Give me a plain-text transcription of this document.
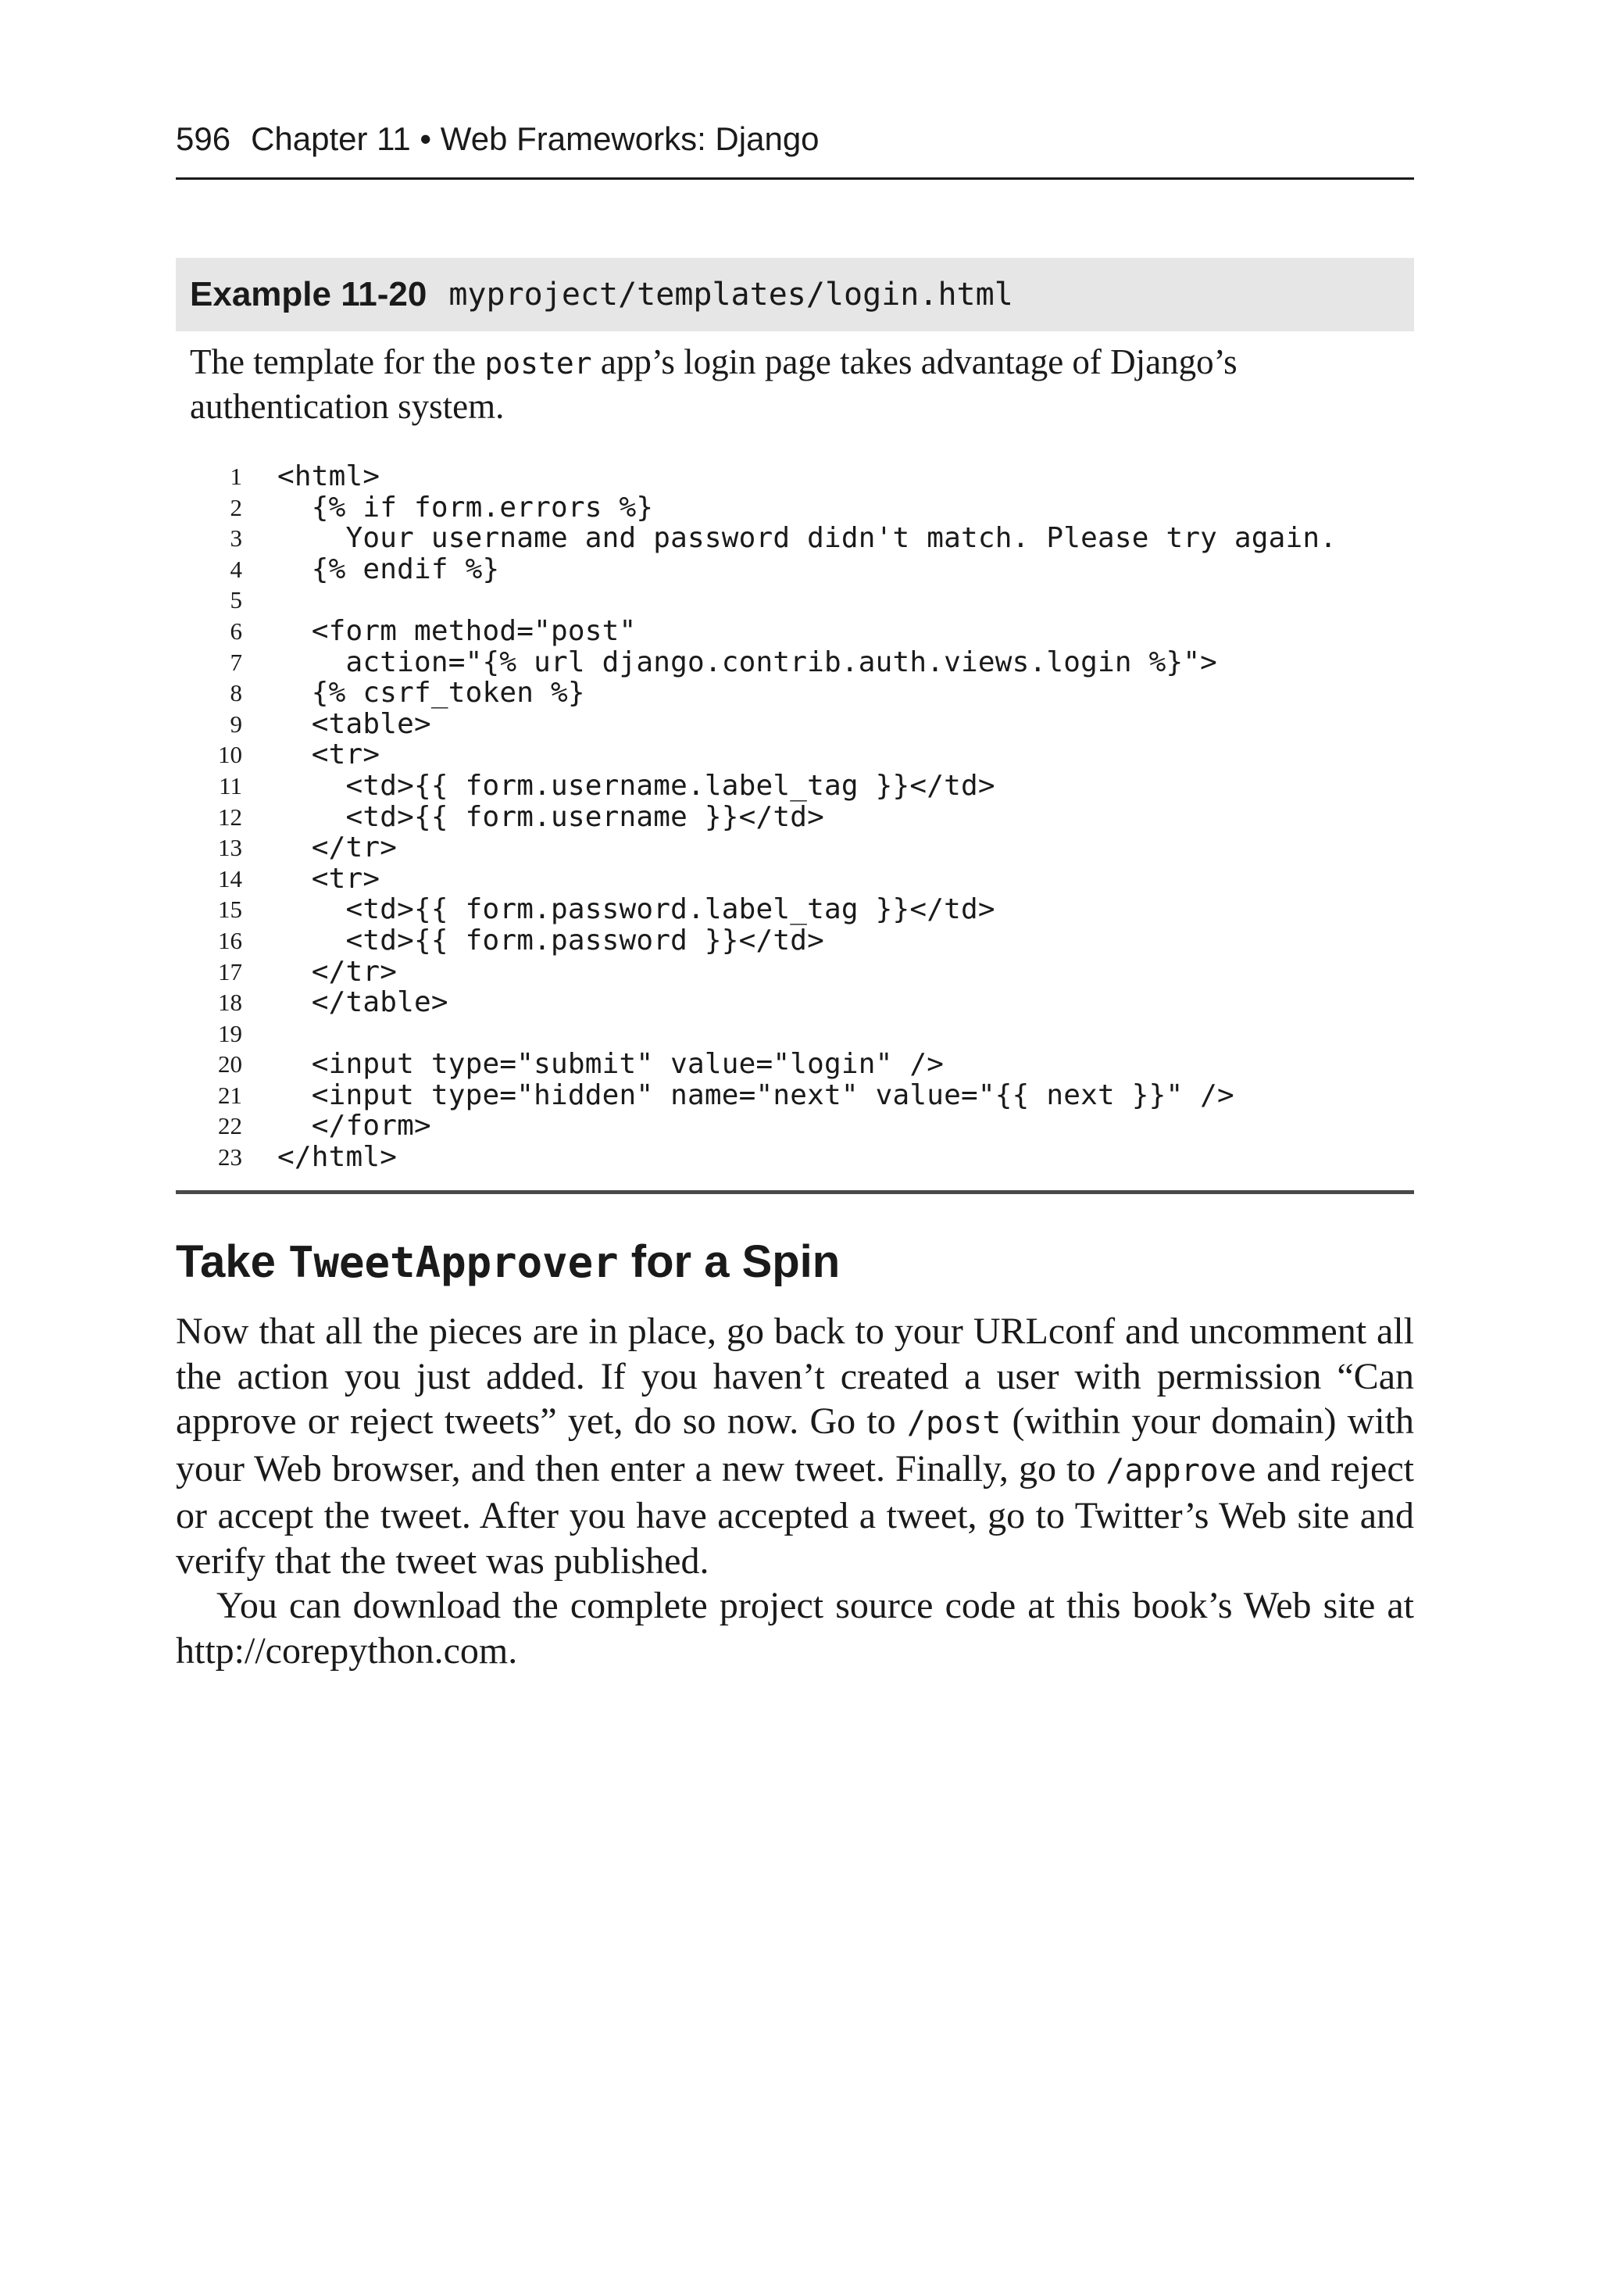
596 Chapter 11 • Web Frameworks: Django
Example 11-20 myproject/templates/login.html
The template for the poster app’s login page takes advantage of Django’s authentication system.
1 <html>
2 {% if form.errors %}
3 Your username and password didn't match. Please try again.
4 {% endif %}
5
6 <form method="post"
7 action="{% url django.contrib.auth.views.login %}">
8 {% csrf_token %}
9 <table>
10 <tr>
11 <td>{{ form.username.label_tag }}</td>
12 <td>{{ form.username }}</td>
13 </tr>
14 <tr>
15 <td>{{ form.password.label_tag }}</td>
16 <td>{{ form.password }}</td>
17 </tr>
18 </table>
19
20 <input type="submit" value="login" />
21 <input type="hidden" name="next" value="{{ next }}" />
22 </form>
23 </html>
Take TweetApprover for a Spin

Now that all the pieces are in place, go back to your URLconf and uncomment all the action you just added. If you haven’t created a user with permission “Can approve or reject tweets” yet, do so now. Go to /post (within your domain) with your Web browser, and then enter a new tweet. Finally, go to /approve and reject or accept the tweet. After you have accepted a tweet, go to Twitter’s Web site and verify that the tweet was published.

You can download the complete project source code at this book’s Web site at http://corepython.com.
